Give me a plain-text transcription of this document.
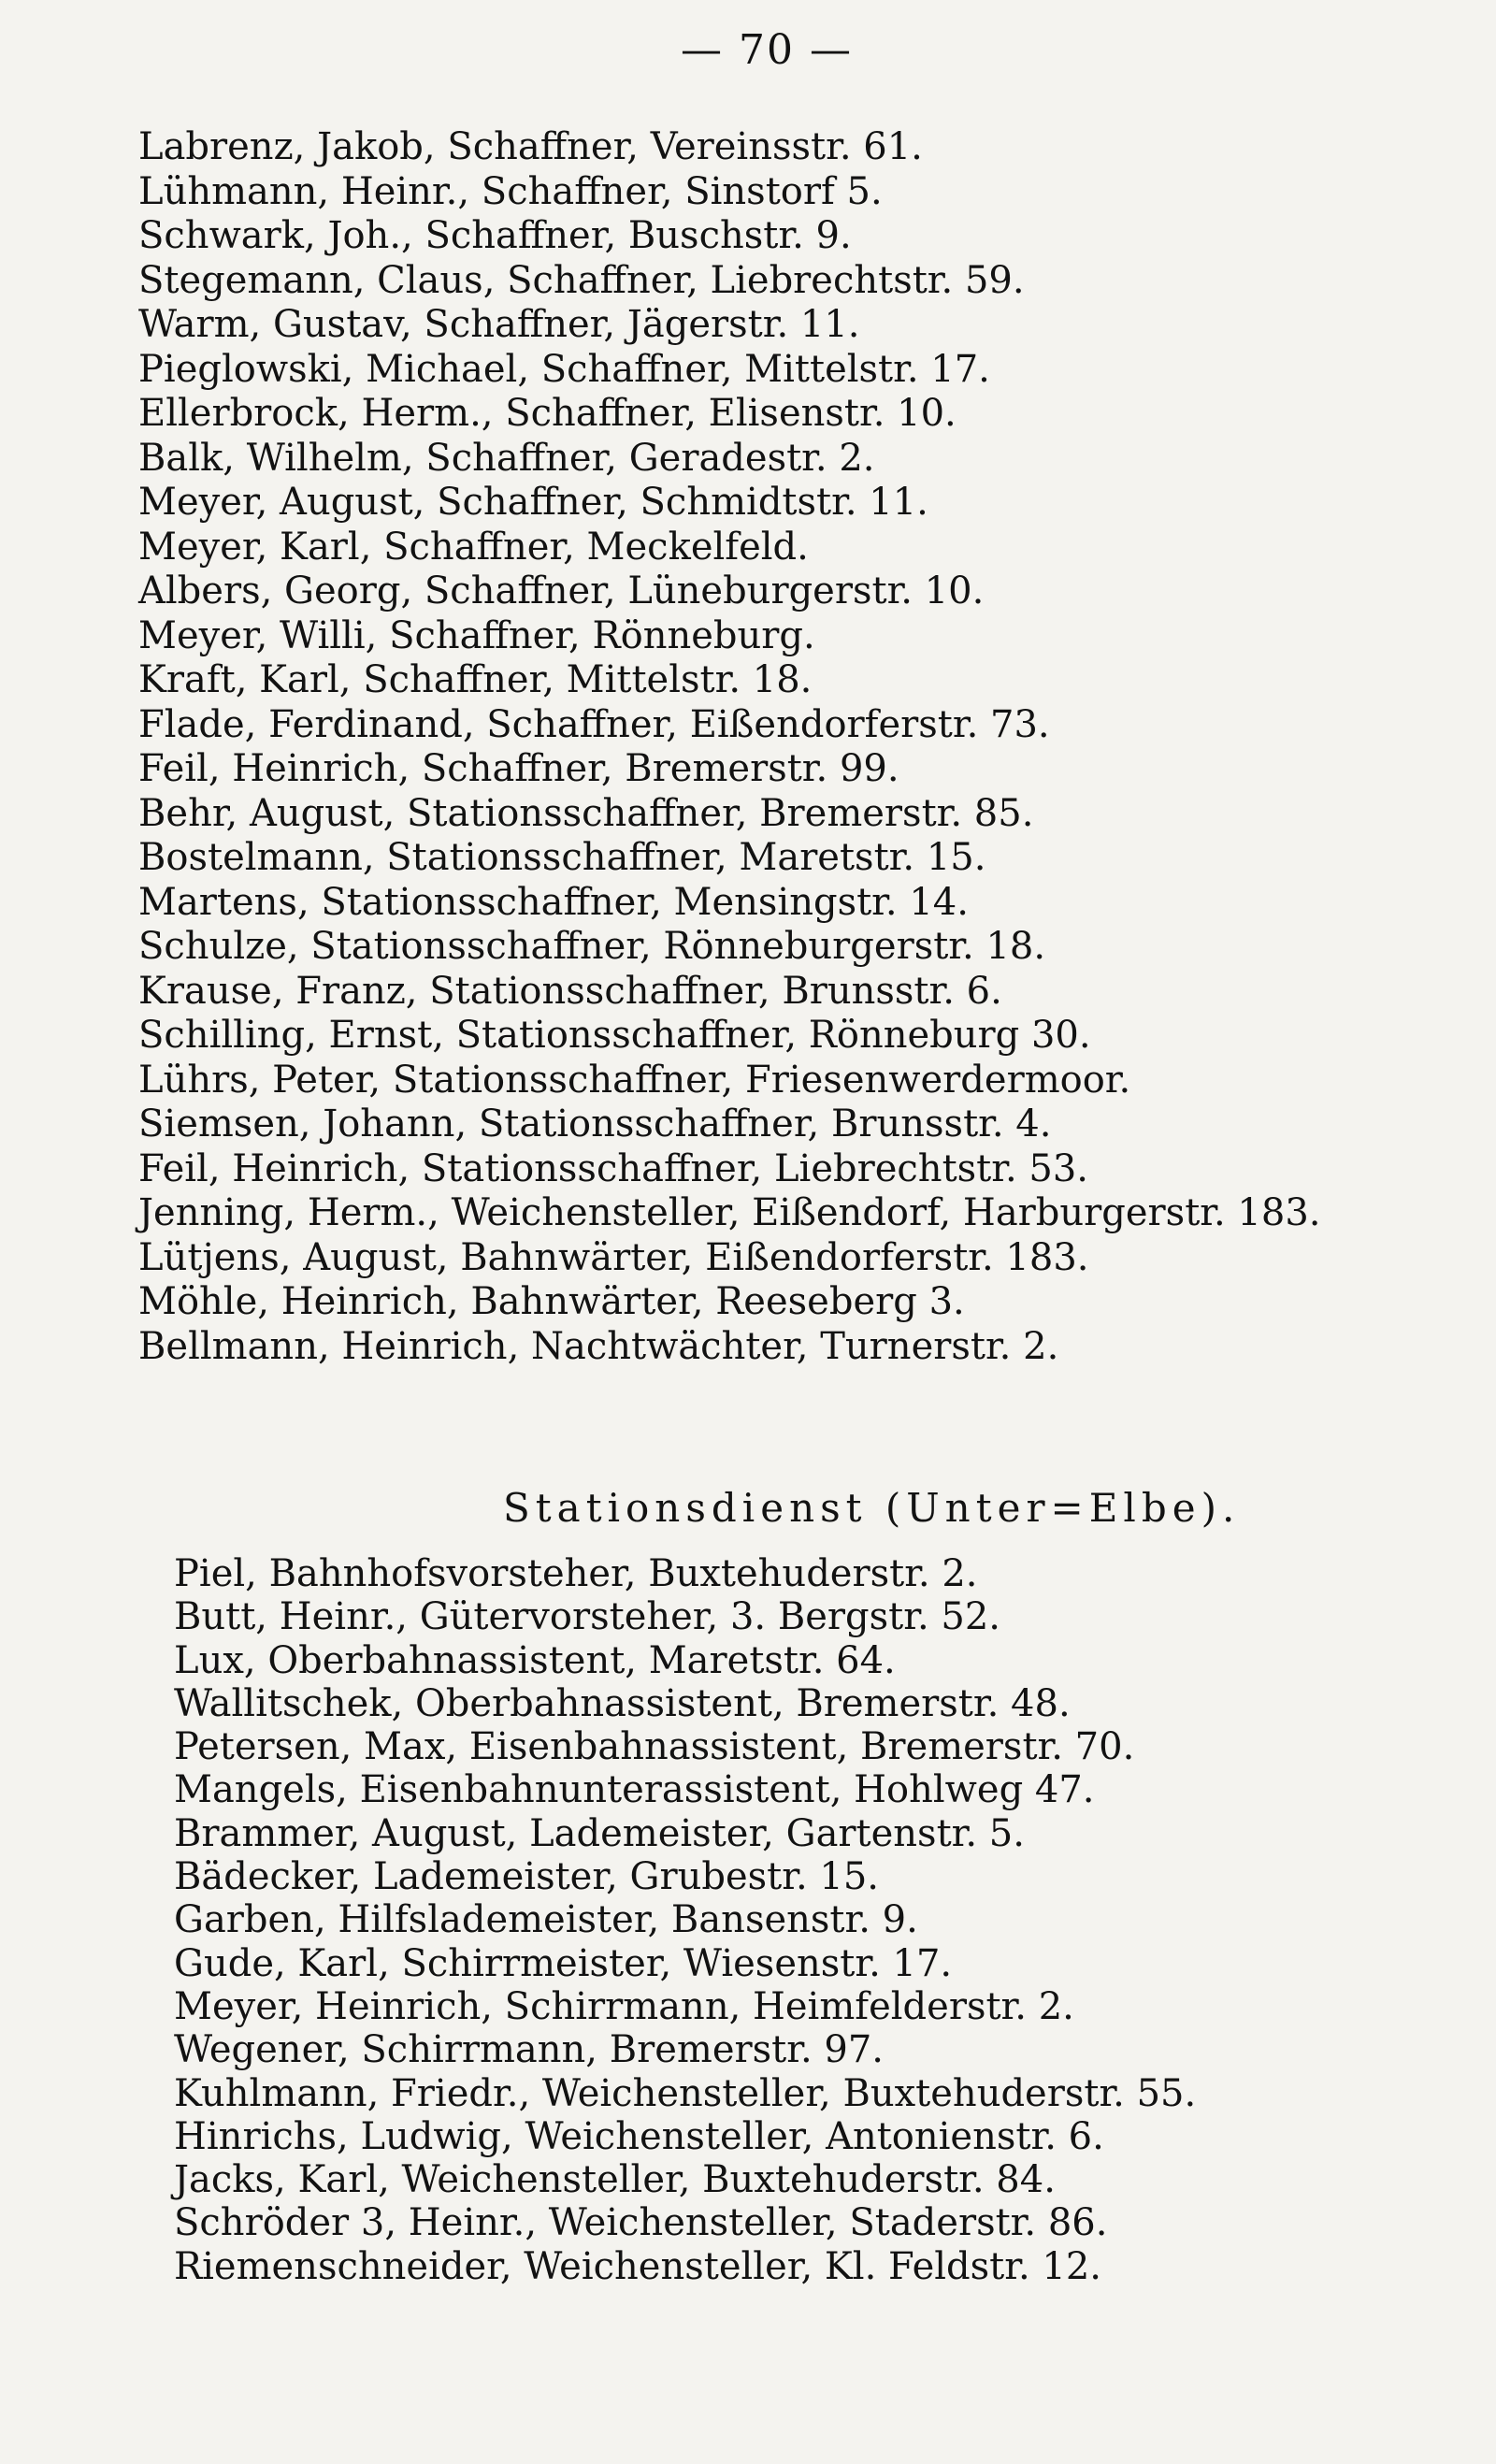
— 70 —
Labrenz, Jakob, Schaffner, Vereinsstr. 61.
Lühmann, Heinr., Schaffner, Sinstorf 5.
Schwark, Joh., Schaffner, Buschstr. 9.
Stegemann, Claus, Schaffner, Liebrechtstr. 59.
Warm, Gustav, Schaffner, Jägerstr. 11.
Pieglowski, Michael, Schaffner, Mittelstr. 17.
Ellerbrock, Herm., Schaffner, Elisenstr. 10.
Balk, Wilhelm, Schaffner, Geradestr. 2.
Meyer, August, Schaffner, Schmidtstr. 11.
Meyer, Karl, Schaffner, Meckelfeld.
Albers, Georg, Schaffner, Lüneburgerstr. 10.
Meyer, Willi, Schaffner, Rönneburg.
Kraft, Karl, Schaffner, Mittelstr. 18.
Flade, Ferdinand, Schaffner, Eißendorferstr. 73.
Feil, Heinrich, Schaffner, Bremerstr. 99.
Behr, August, Stationsschaffner, Bremerstr. 85.
Bostelmann, Stationsschaffner, Maretstr. 15.
Martens, Stationsschaffner, Mensingstr. 14.
Schulze, Stationsschaffner, Rönneburgerstr. 18.
Krause, Franz, Stationsschaffner, Brunsstr. 6.
Schilling, Ernst, Stationsschaffner, Rönneburg 30.
Lührs, Peter, Stationsschaffner, Friesenwerdermoor.
Siemsen, Johann, Stationsschaffner, Brunsstr. 4.
Feil, Heinrich, Stationsschaffner, Liebrechtstr. 53.
Jenning, Herm., Weichensteller, Eißendorf, Harburgerstr. 183.
Lütjens, August, Bahnwärter, Eißendorferstr. 183.
Möhle, Heinrich, Bahnwärter, Reeseberg 3.
Bellmann, Heinrich, Nachtwächter, Turnerstr. 2.
Stationsdienst (Unter=Elbe).
Piel, Bahnhofsvorsteher, Buxtehuderstr. 2.
Butt, Heinr., Gütervorsteher, 3. Bergstr. 52.
Lux, Oberbahnassistent, Maretstr. 64.
Wallitschek, Oberbahnassistent, Bremerstr. 48.
Petersen, Max, Eisenbahnassistent, Bremerstr. 70.
Mangels, Eisenbahnunterassistent, Hohlweg 47.
Brammer, August, Lademeister, Gartenstr. 5.
Bädecker, Lademeister, Grubestr. 15.
Garben, Hilfslademeister, Bansenstr. 9.
Gude, Karl, Schirrmeister, Wiesenstr. 17.
Meyer, Heinrich, Schirrmann, Heimfelderstr. 2.
Wegener, Schirrmann, Bremerstr. 97.
Kuhlmann, Friedr., Weichensteller, Buxtehuderstr. 55.
Hinrichs, Ludwig, Weichensteller, Antonienstr. 6.
Jacks, Karl, Weichensteller, Buxtehuderstr. 84.
Schröder 3, Heinr., Weichensteller, Staderstr. 86.
Riemenschneider, Weichensteller, Kl. Feldstr. 12.
